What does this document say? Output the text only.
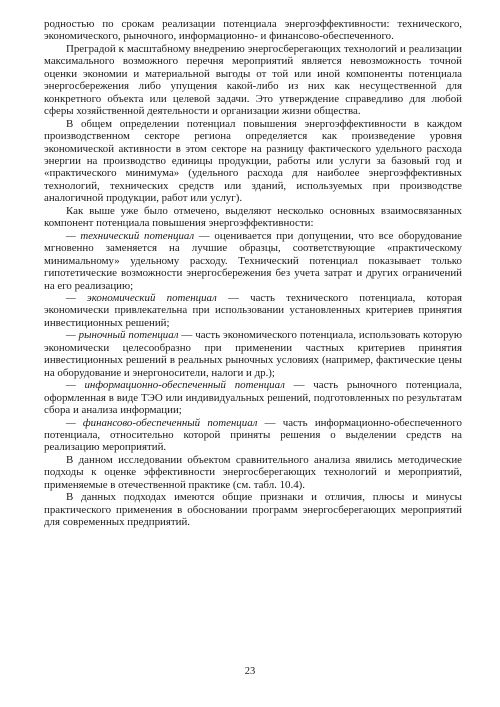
родностью по срокам реализации потенциала энергоэффективности: технического, экономического, рыночного, информационно- и финансово-обеспеченного.

Преградой к масштабному внедрению энергосберегающих технологий и реализации максимального возможного перечня мероприятий является невозможность точной оценки экономии и материальной выгоды от той или иной компоненты потенциала энергосбережения либо упущения какой-либо из них как несущественной для конкретного объекта или целевой задачи. Это утверждение справедливо для любой сферы хозяйственной деятельности и организации жизни общества.

В общем определении потенциал повышения энергоэффективности в каждом производственном секторе региона определяется как произведение уровня экономической активности в этом секторе на разницу фактического удельного расхода энергии на производство единицы продукции, работы или услуги за базовый год и «практического минимума» (удельного расхода для наиболее энергоэффективных технологий, технических средств или зданий, используемых при производстве аналогичной продукции, работ или услуг).

Как выше уже было отмечено, выделяют несколько основных взаимосвязанных компонент потенциала повышения энергоэффективности:

— технический потенциал — оценивается при допущении, что все оборудование мгновенно заменяется на лучшие образцы, соответствующие «практическому минимальному» удельному расходу. Технический потенциал показывает только гипотетические возможности энергосбережения без учета затрат и других ограничений на его реализацию;

— экономический потенциал — часть технического потенциала, которая экономически привлекательна при использовании установленных критериев принятия инвестиционных решений;

— рыночный потенциал — часть экономического потенциала, использовать которую экономически целесообразно при применении частных критериев принятия инвестиционных решений в реальных рыночных условиях (например, фактические цены на оборудование и энергоносители, налоги и др.);

— информационно-обеспеченный потенциал — часть рыночного потенциала, оформленная в виде ТЭО или индивидуальных решений, подготовленных по результатам сбора и анализа информации;

— финансово-обеспеченный потенциал — часть информационно-обеспеченного потенциала, относительно которой приняты решения о выделении средств на реализацию мероприятий.

В данном исследовании объектом сравнительного анализа явились методические подходы к оценке эффективности энергосберегающих технологий и мероприятий, применяемые в отечественной практике (см. табл. 10.4).

В данных подходах имеются общие признаки и отличия, плюсы и минусы практического применения в обосновании программ энергосберегающих мероприятий для современных предприятий.

23
